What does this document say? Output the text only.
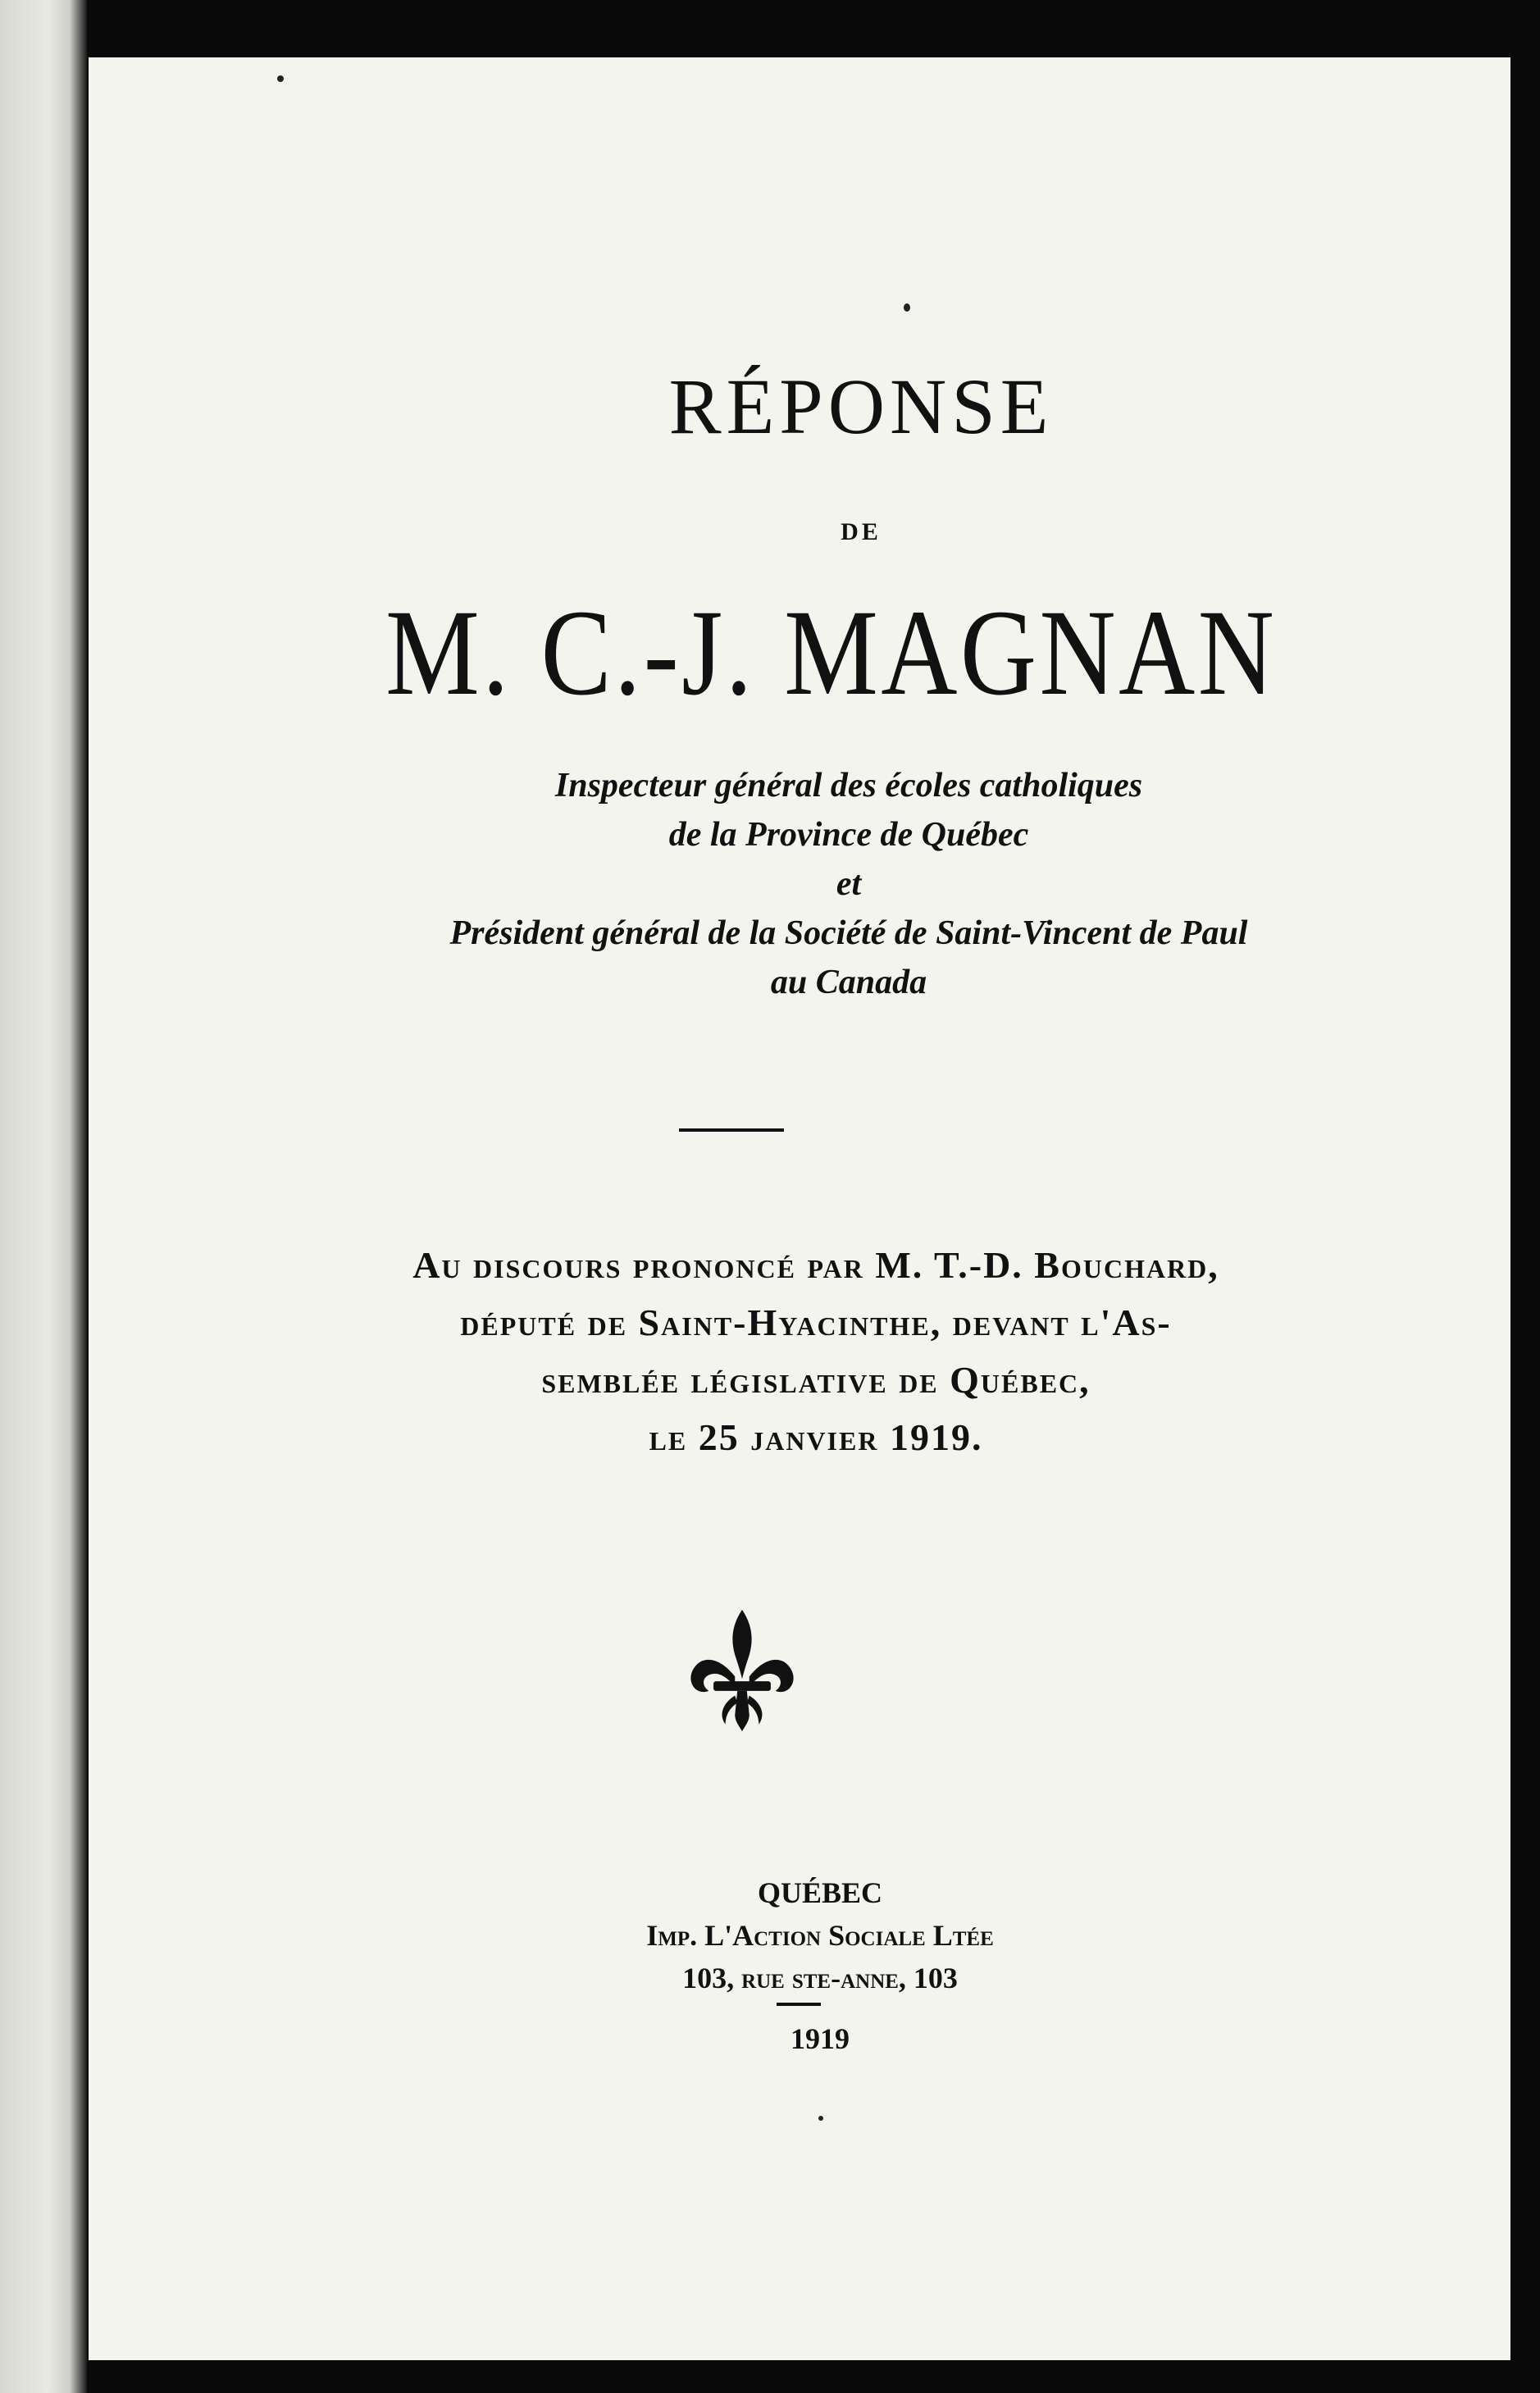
RÉPONSE
DE
M. C.-J. MAGNAN
Inspecteur général des écoles catholiques
de la Province de Québec
et
Président général de la Société de Saint-Vincent de Paul
au Canada
Au discours prononcé par M. T.-D. Bouchard,
député de Saint-Hyacinthe, devant l'As-
semblée législative de Québec,
le 25 janvier 1919.
QUÉBEC
Imp. L'Action Sociale Ltée
103, rue ste-anne, 103
1919
